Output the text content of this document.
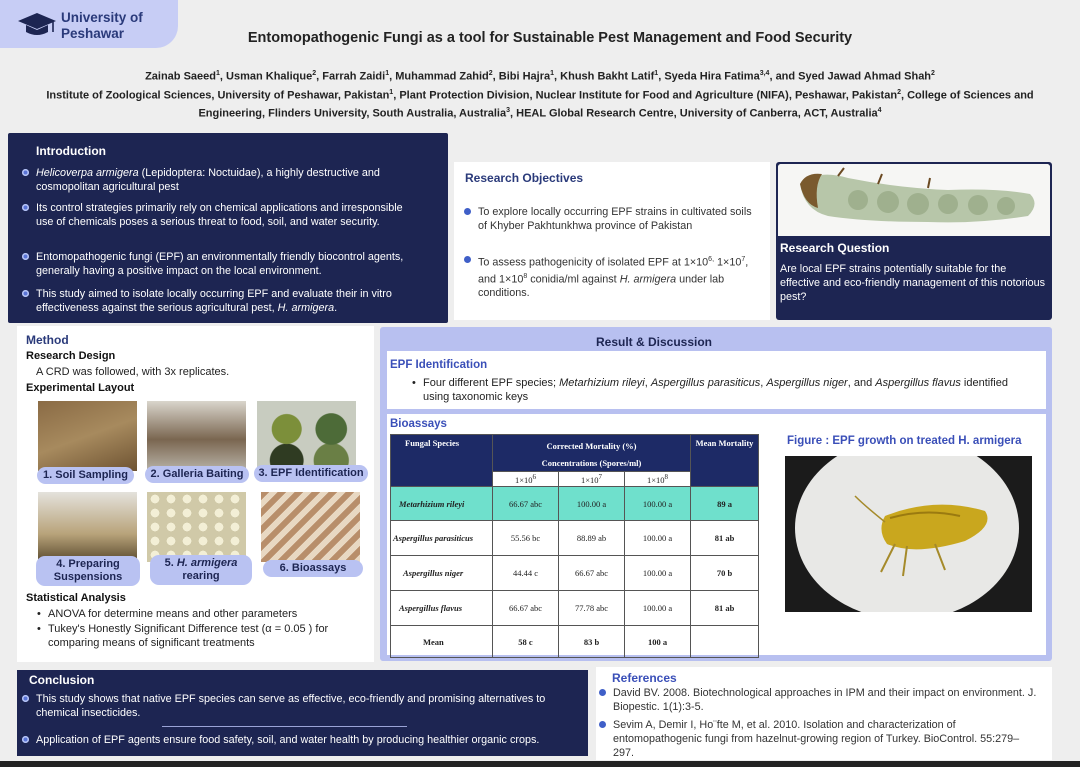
University of
Peshawar	Entomopathogenic Fungi as a tool for Sustainable Pest Management and Food Security
Zainab Saeed$^1$, Usman Khalique$^2$, Farrah Zaidi$^1$, Muhammad Zahid$^2$, Bibi Hajra$^1$, Khush Bakht Latif$^1$, Syeda Hira Fatima$^{3,4}$, and Syed Jawad Ahmad Shah$^2$
Institute of Zoological Sciences, University of Peshawar, Pakistan$^1$, Plant Protection Division, Nuclear Institute for Food and Agriculture (NIFA), Peshawar, Pakistan$^2$, College of Sciences and Engineering, Flinders University, South Australia, Australia$^3$, HEAL Global Research Centre, University of Canberra, ACT, Australia$^4$
Introduction
Helicoverpa armigera (Lepidoptera: Noctuidae), a highly destructive and cosmopolitan agricultural pest
Its control strategies primarily rely on chemical applications and irresponsible use of chemicals poses a serious threat to food, soil, and water security.
Entomopathogenic fungi (EPF) an environmentally friendly biocontrol agents, generally having a positive impact on the local environment.
This study aimed to isolate locally occurring EPF and evaluate their in vitro effectiveness against the serious agricultural pest, H. armigera.
Research Objectives
To explore locally occurring EPF strains in cultivated soils of Khyber Pakhtunkhwa province of Pakistan
To assess pathogenicity of isolated EPF at $1\times 10^{6,}$ $1\times 10^7$, and $1\times 10^8$ conidia/ml against H. armigera under lab conditions.
Research Question

Are local EPF strains potentially suitable for the effective and eco-friendly management of this notorious pest?

Method
Research Design
A CRD was followed, with 3x replicates.
Experimental Layout
1. Soil Sampling	2. Galleria Baiting	3. EPF Identification
4. Preparing
Suspensions
5. H. armigera
rearing
6. Bioassays
Statistical Analysis
• ANOVA for determine means and other parameters
• Tukey's Honestly Significant Difference test (α = 0.05 ) for comparing means of significant treatments
Result & Discussion
EPF Identification
• Four different EPF species; Metarhizium rileyi, Aspergillus parasiticus, Aspergillus niger, and Aspergillus flavus identified using taxonomic keys
Bioassays
Fungal Species	Corrected Mortality (%)			Mean Mortality
	Concentrations (Spores/ml)			
	$1\times 10^6$	$1\times 10^7$	$1\times 10^8$
Metarhizium rileyi	66.67 abc	100.00 a	100.00 a	89 a
Aspergillus parasiticus	55.56 bc	88.89 ab	100.00 a	81 ab
Aspergillus niger	44.44 c	66.67 abc	100.00 a	70 b
Aspergillus flavus	66.67 abc	77.78 abc	100.00 a	81 ab
Mean	58 c	83 b	100 a	
Figure : EPF growth on treated H. armigera
Conclusion
This study shows that native EPF species can serve as effective, eco-friendly and promising alternatives to chemical insecticides.
Application of EPF agents ensure food safety, soil, and water health by producing healthier organic crops.
References
David BV. 2008. Biotechnological approaches in IPM and their impact on environment. J. Biopestic. 1(1):3-5.
Sevim A, Demir I, Ho¨fte M, et al. 2010. Isolation and characterization of entomopathogenic fungi from hazelnut-growing region of Turkey. BioControl. 55:279–297.
